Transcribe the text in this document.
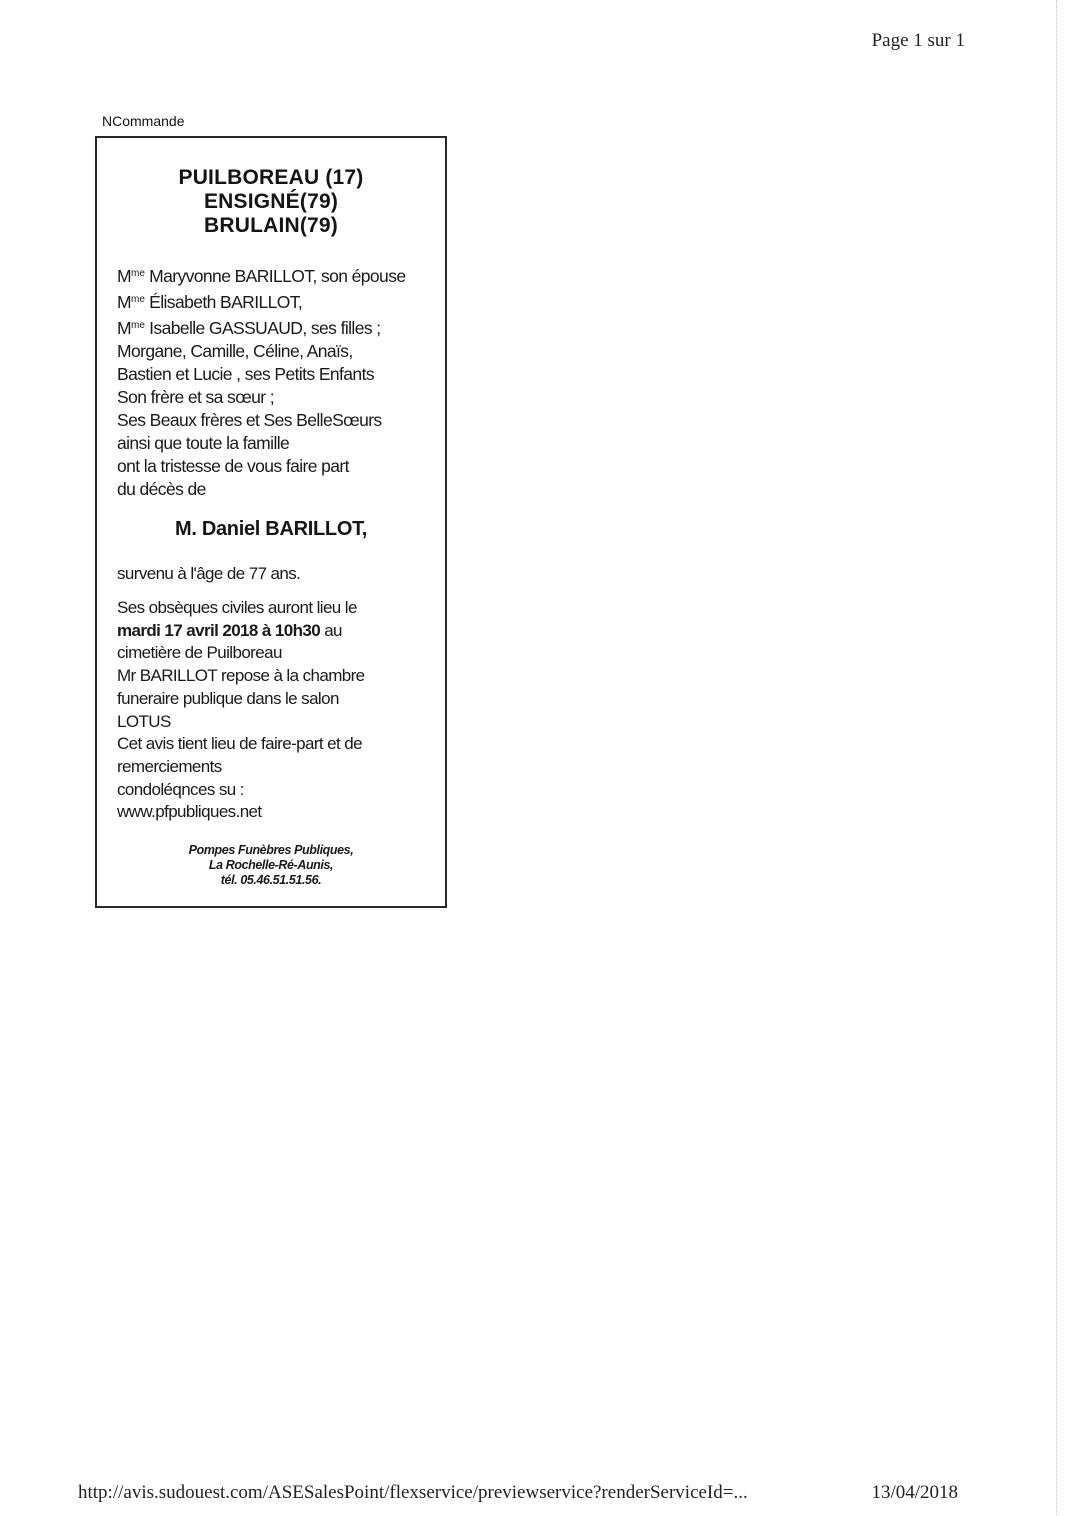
Page 1 sur 1
NCommande
PUILBOREAU (17)
ENSIGNÉ(79)
BRULAIN(79)
$M^{me}$ Maryvonne BARILLOT, son épouse
$M^{me}$ Élisabeth BARILLOT,
$M^{me}$ Isabelle GASSUAUD, ses filles ;
Morgane, Camille, Céline, Anaïs,
Bastien et Lucie , ses Petits Enfants
Son frère et sa sœur ;
Ses Beaux frères et Ses BelleSœurs
ainsi que toute la famille
ont la tristesse de vous faire part
du décès de
M. Daniel BARILLOT,
survenu à l'âge de 77 ans.
Ses obsèques civiles auront lieu le
mardi 17 avril 2018 à 10h30 au
cimetière de Puilboreau
Mr BARILLOT repose à la chambre
funeraire publique dans le salon
LOTUS
Cet avis tient lieu de faire-part et de
remerciements
condoléqnces su :
www.pfpubliques.net
Pompes Funèbres Publiques,
La Rochelle-Ré-Aunis,
tél. 05.46.51.51.56.
http://avis.sudouest.com/ASESalesPoint/flexservice/previewservice?renderServiceId=...	13/04/2018
